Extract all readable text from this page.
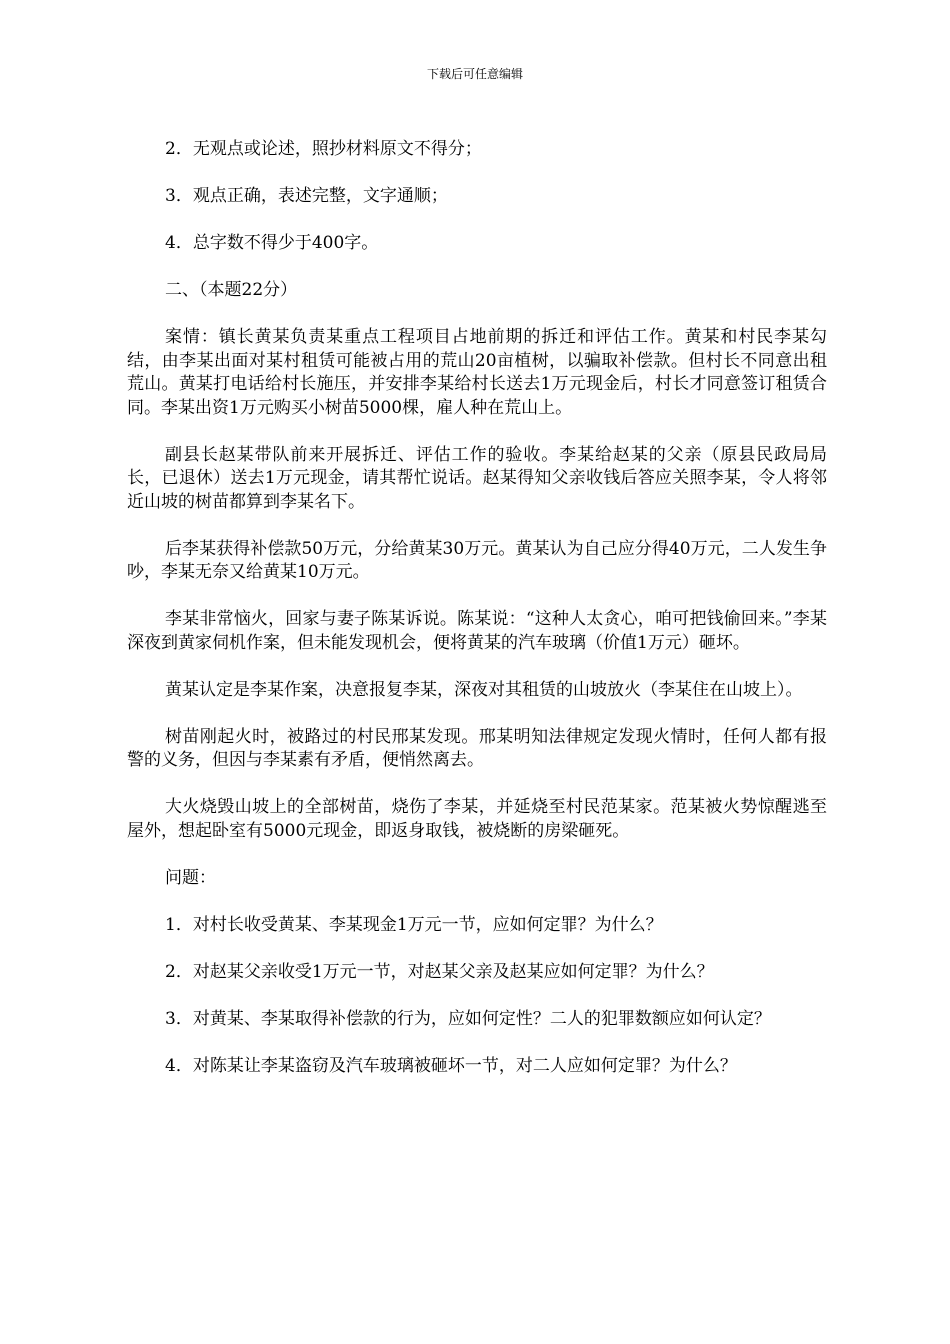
下载后可任意编辑

2．无观点或论述，照抄材料原文不得分；

3．观点正确，表述完整，文字通顺；

4．总字数不得少于400字。

二、（本题22分）

案情：镇长黄某负责某重点工程项目占地前期的拆迁和评估工作。黄某和村民李某勾结，由李某出面对某村租赁可能被占用的荒山20亩植树，以骗取补偿款。但村长不同意出租荒山。黄某打电话给村长施压，并安排李某给村长送去1万元现金后，村长才同意签订租赁合同。李某出资1万元购买小树苗5000棵，雇人种在荒山上。

副县长赵某带队前来开展拆迁、评估工作的验收。李某给赵某的父亲（原县民政局局长，已退休）送去1万元现金，请其帮忙说话。赵某得知父亲收钱后答应关照李某，令人将邻近山坡的树苗都算到李某名下。

后李某获得补偿款50万元，分给黄某30万元。黄某认为自己应分得40万元，二人发生争吵，李某无奈又给黄某10万元。

李某非常恼火，回家与妻子陈某诉说。陈某说：“这种人太贪心，咱可把钱偷回来。”李某深夜到黄家伺机作案，但未能发现机会，便将黄某的汽车玻璃（价值1万元）砸坏。

黄某认定是李某作案，决意报复李某，深夜对其租赁的山坡放火（李某住在山坡上）。

树苗刚起火时，被路过的村民邢某发现。邢某明知法律规定发现火情时，任何人都有报警的义务，但因与李某素有矛盾，便悄然离去。

大火烧毁山坡上的全部树苗，烧伤了李某，并延烧至村民范某家。范某被火势惊醒逃至屋外，想起卧室有5000元现金，即返身取钱，被烧断的房梁砸死。

问题：

1．对村长收受黄某、李某现金1万元一节，应如何定罪？为什么？

2．对赵某父亲收受1万元一节，对赵某父亲及赵某应如何定罪？为什么？

3．对黄某、李某取得补偿款的行为，应如何定性？二人的犯罪数额应如何认定？

4．对陈某让李某盗窃及汽车玻璃被砸坏一节，对二人应如何定罪？为什么？
